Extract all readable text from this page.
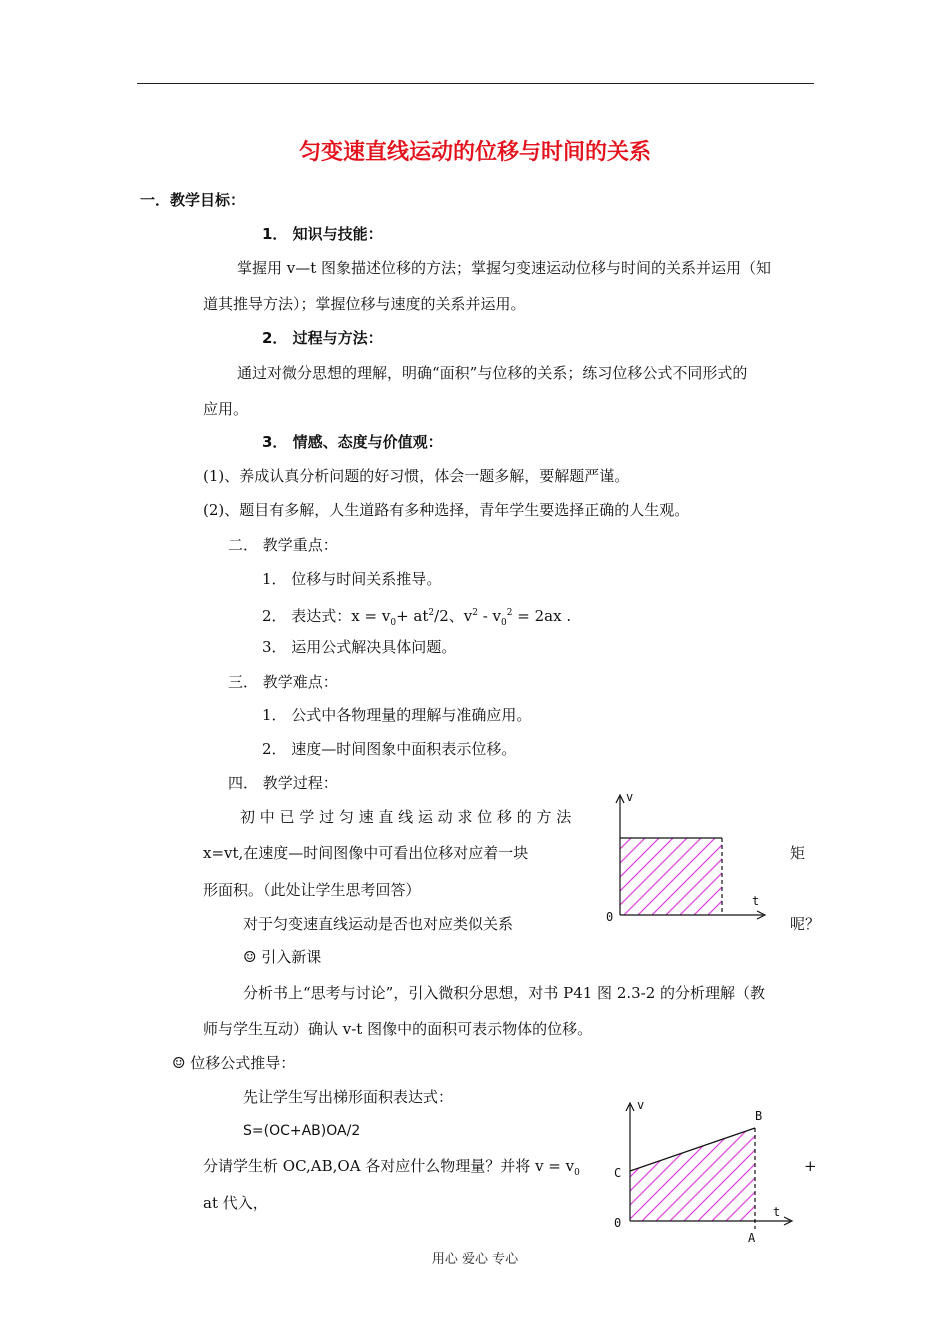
匀变速直线运动的位移与时间的关系
一．教学目标：
1． 知识与技能：
掌握用 v—t 图象描述位移的方法；掌握匀变速运动位移与时间的关系并运用（知
道其推导方法）；掌握位移与速度的关系并运用。
2． 过程与方法：
通过对微分思想的理解，明确“面积”与位移的关系；练习位移公式不同形式的
应用。
3． 情感、态度与价值观：
(1)、养成认真分析问题的好习惯，体会一题多解，要解题严谨。
(2)、题目有多解，人生道路有多种选择，青年学生要选择正确的人生观。
二． 教学重点：
1． 位移与时间关系推导。
2． 表达式：$x = v_0+ at^2/2$、$v^2 - v_0^2 = 2ax$ .
3． 运用公式解决具体问题。
三． 教学难点：
1． 公式中各物理量的理解与准确应用。
2． 速度—时间图象中面积表示位移。
四． 教学过程：
初 中 已 学 过 匀 速 直 线 运 动 求 位 移 的 方 法
x=vt,在速度—时间图像中可看出位移对应着一块	矩
形面积。（此处让学生思考回答）
对于匀变速直线运动是否也对应类似关系	呢？
☺ 引入新课
分析书上“思考与讨论”，引入微积分思想，对书 P41 图 2.3-2 的分析理解（教
师与学生互动）确认 v-t 图像中的面积可表示物体的位移。
☺ 位移公式推导：
先让学生写出梯形面积表达式：
S=(OC+AB)OA/2
分请学生析 OC,AB,OA 各对应什么物理量？并将 $v = v_0$	+
at 代入，
v
t
0
v
t
B
C
0
A
用心 爱心 专心
